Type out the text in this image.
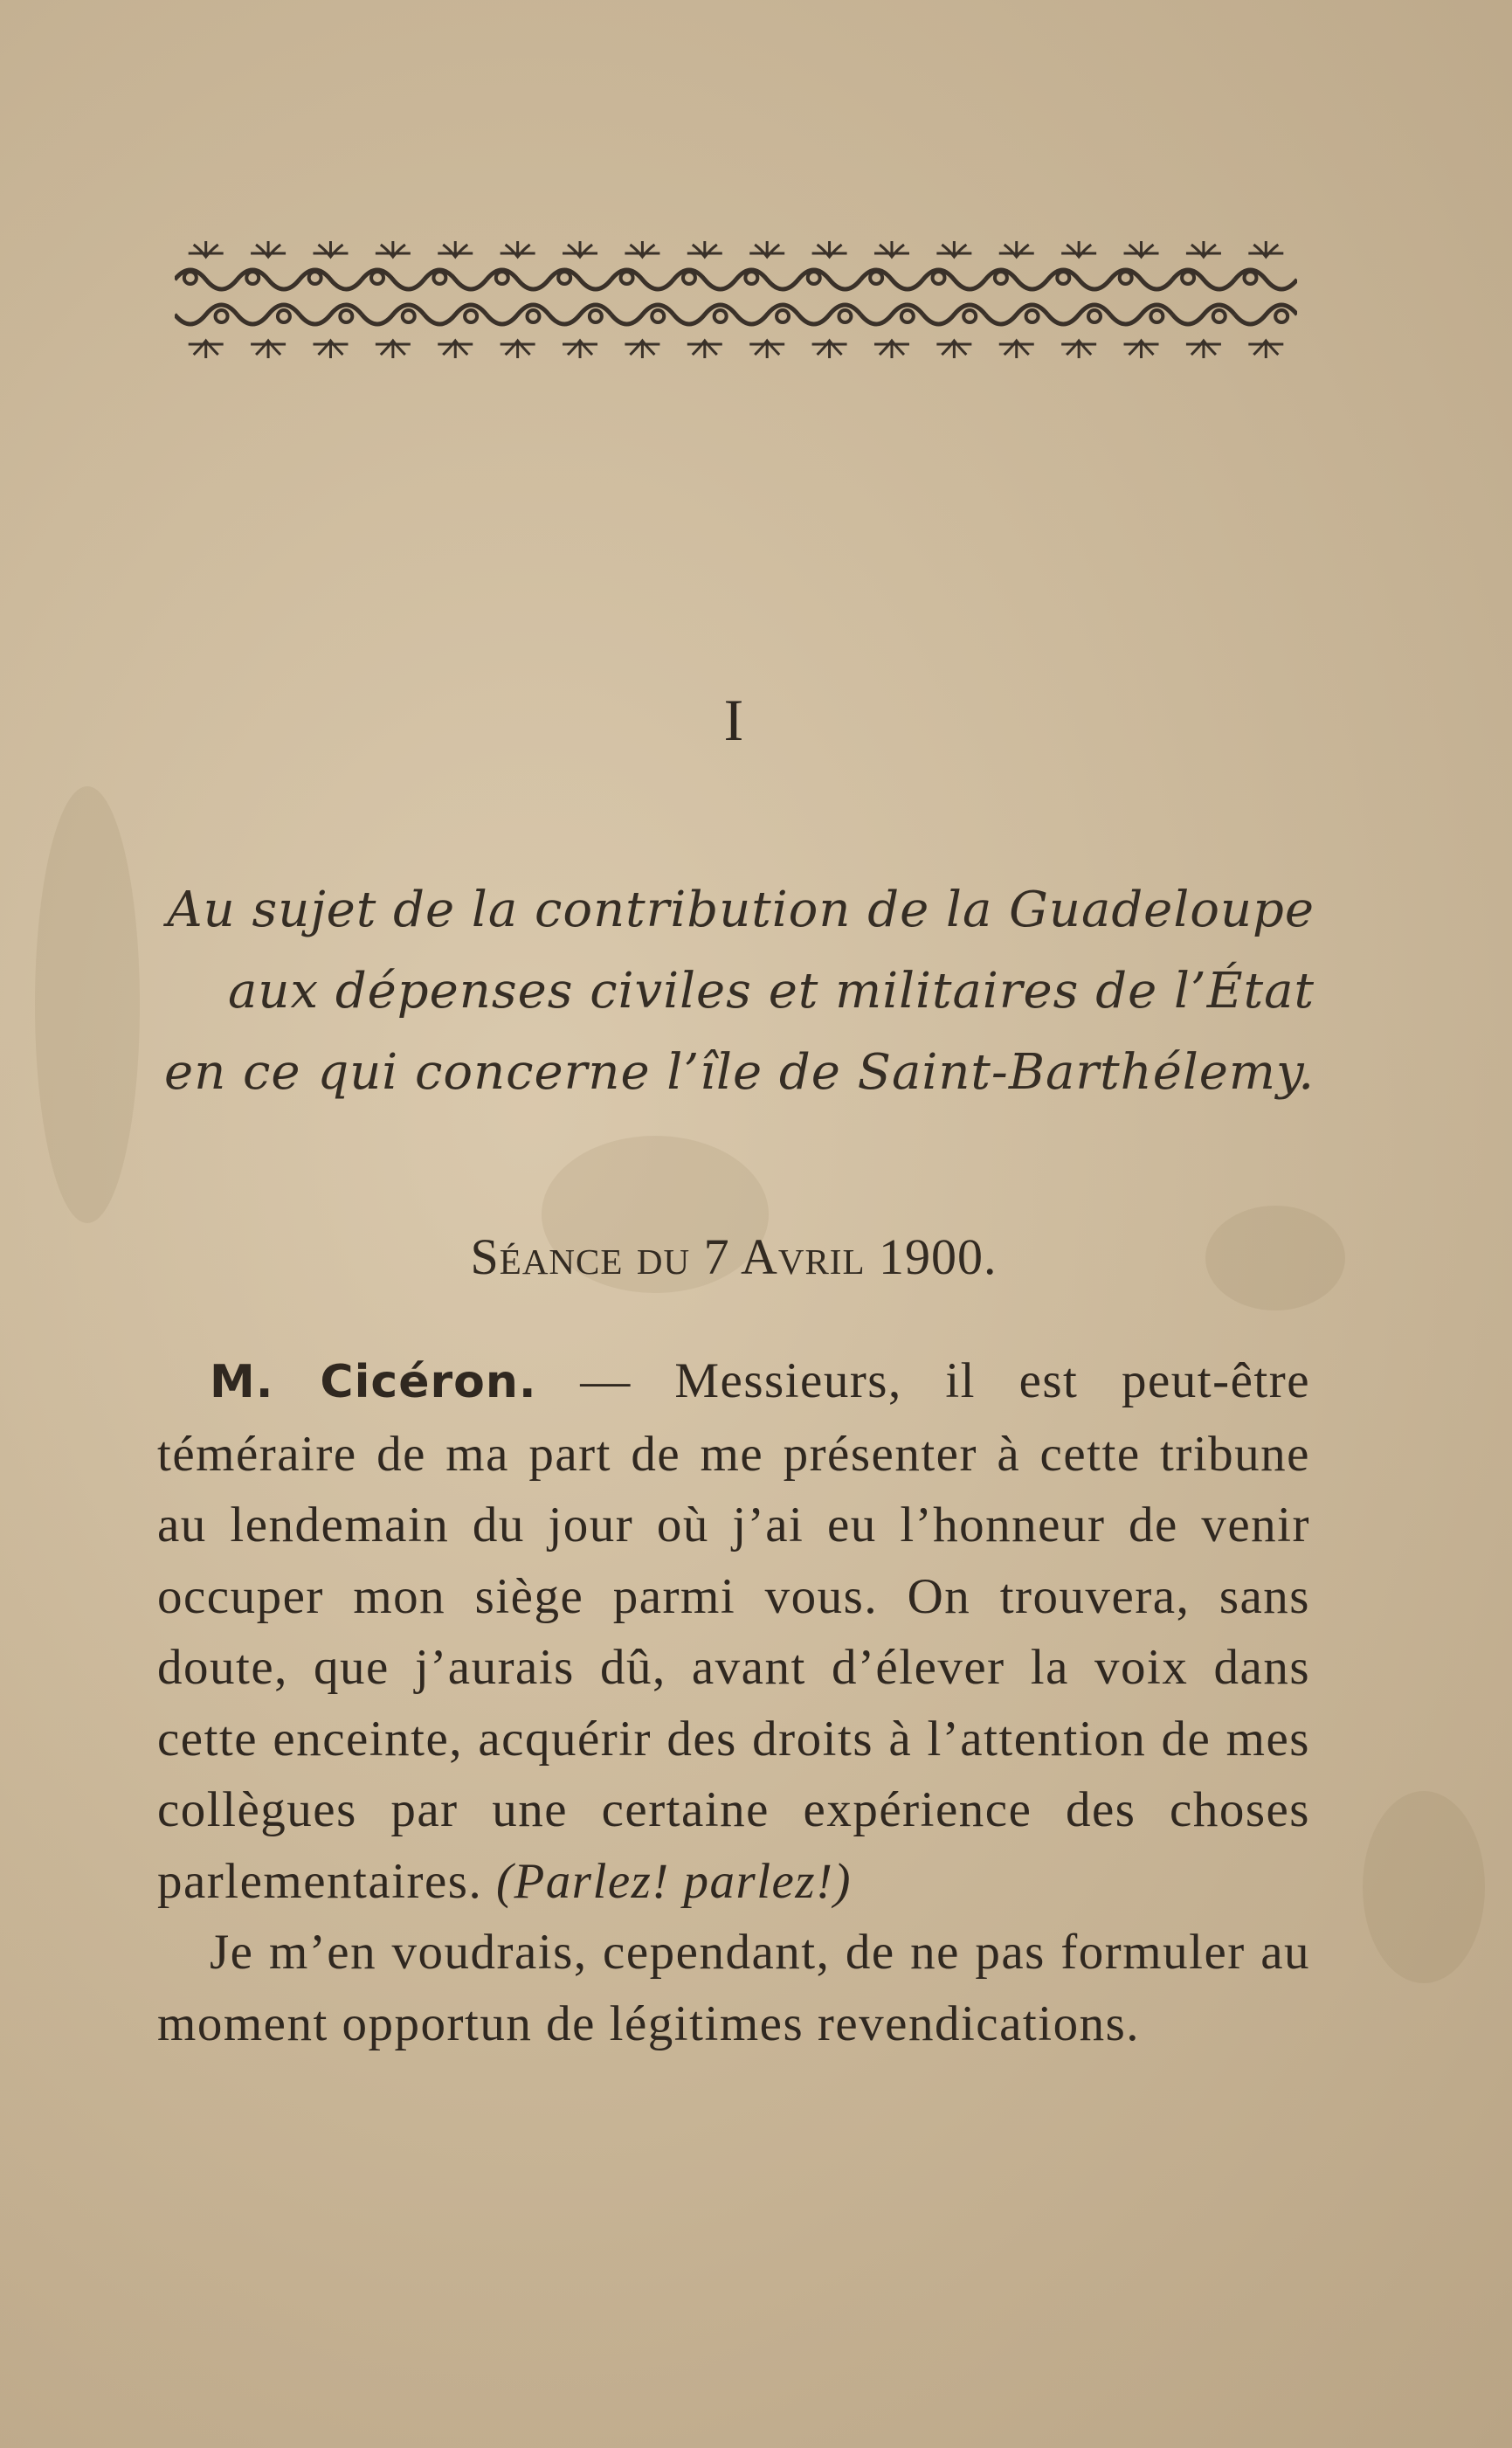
I
Au sujet de la contribution de la Guadeloupe
aux dépenses civiles et militaires de l’État
en ce qui concerne l’île de Saint-Barthélemy.
Séance du 7 Avril 1900.

M. Cicéron. — Messieurs, il est peut-être téméraire de ma part de me présenter à cette tribune au lendemain du jour où j’ai eu l’honneur de venir occuper mon siège parmi vous. On trouvera, sans doute, que j’aurais dû, avant d’élever la voix dans cette enceinte, acquérir des droits à l’attention de mes collègues par une certaine expérience des choses parlementaires. (Parlez! parlez!)

Je m’en voudrais, cependant, de ne pas formuler au moment opportun de légitimes revendications.
